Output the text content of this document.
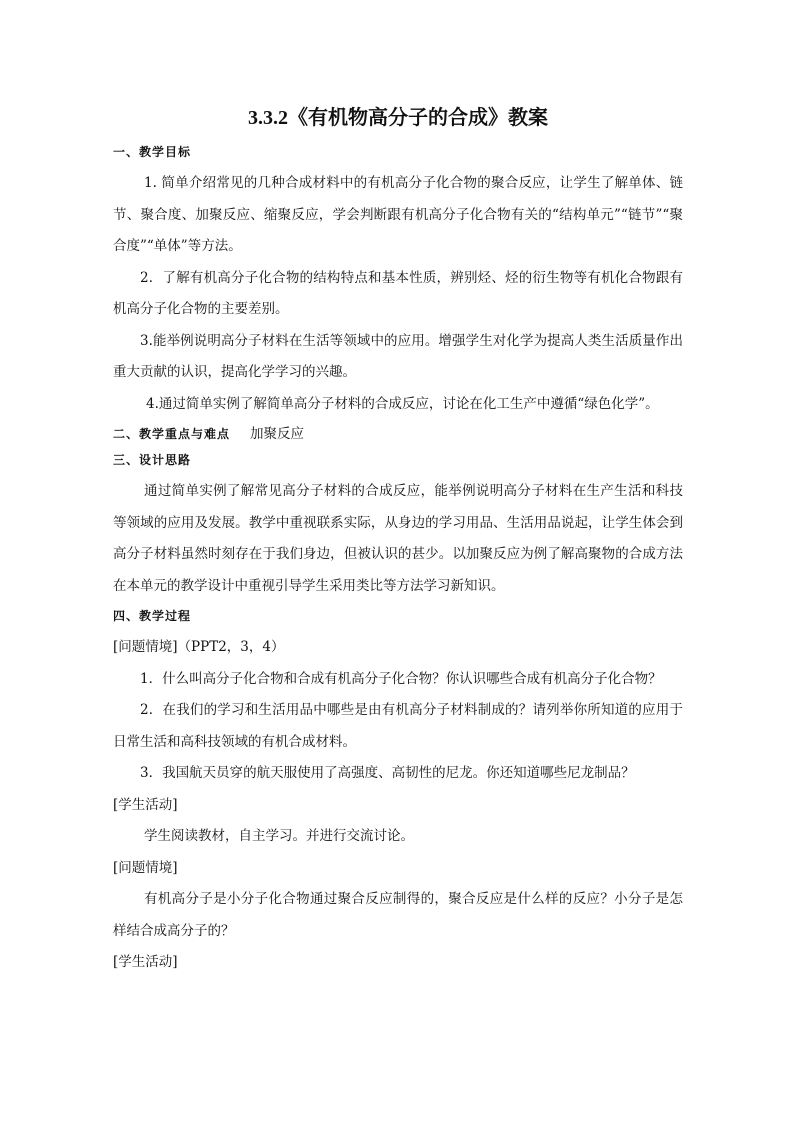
3.3.2《有机物高分子的合成》教案
一、教学目标

1. 简单介绍常见的几种合成材料中的有机高分子化合物的聚合反应，让学生了解单体、链节、聚合度、加聚反应、缩聚反应，学会判断跟有机高分子化合物有关的“结构单元”“链节”“聚合度”“单体”等方法。

2．了解有机高分子化合物的结构特点和基本性质，辨别烃、烃的衍生物等有机化合物跟有机高分子化合物的主要差别。

3.能举例说明高分子材料在生活等领域中的应用。增强学生对化学为提高人类生活质量作出重大贡献的认识，提高化学学习的兴趣。

4.通过简单实例了解简单高分子材料的合成反应，讨论在化工生产中遵循“绿色化学”。

二、教学重点与难点 加聚反应
三、设计思路

通过简单实例了解常见高分子材料的合成反应，能举例说明高分子材料在生产生活和科技等领域的应用及发展。教学中重视联系实际，从身边的学习用品、生活用品说起，让学生体会到高分子材料虽然时刻存在于我们身边，但被认识的甚少。以加聚反应为例了解高聚物的合成方法在本单元的教学设计中重视引导学生采用类比等方法学习新知识。

四、教学过程

[问题情境]（PPT2，3，4）

1．什么叫高分子化合物和合成有机高分子化合物？你认识哪些合成有机高分子化合物？

2．在我们的学习和生活用品中哪些是由有机高分子材料制成的？请列举你所知道的应用于日常生活和高科技领域的有机合成材料。

3．我国航天员穿的航天服使用了高强度、高韧性的尼龙。你还知道哪些尼龙制品？

[学生活动]

学生阅读教材，自主学习。并进行交流讨论。

[问题情境]

有机高分子是小分子化合物通过聚合反应制得的，聚合反应是什么样的反应？小分子是怎样结合成高分子的？

[学生活动]
